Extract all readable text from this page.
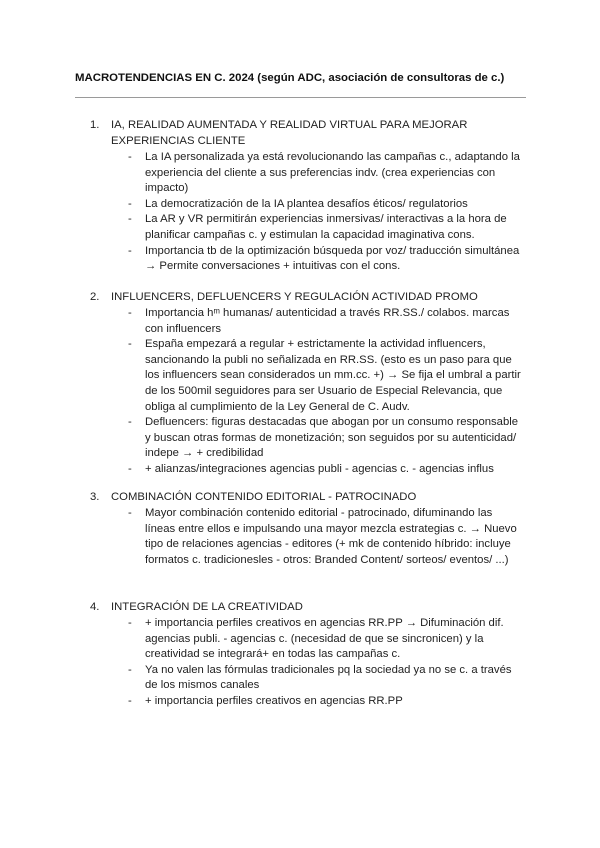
MACROTENDENCIAS EN C. 2024 (según ADC, asociación de consultoras de c.)
1. IA, REALIDAD AUMENTADA Y REALIDAD VIRTUAL PARA MEJORAR EXPERIENCIAS CLIENTE
- La IA personalizada ya está revolucionando las campañas c., adaptando la experiencia del cliente a sus preferencias indv. (crea experiencias con impacto)
- La democratización de la IA plantea desafíos éticos/ regulatorios
- La AR y VR permitirán experiencias inmersivas/ interactivas a la hora de planificar campañas c. y estimulan la capacidad imaginativa cons.
- Importancia tb de la optimización búsqueda por voz/ traducción simultánea → Permite conversaciones + intuitivas con el cons.
2. INFLUENCERS, DEFLUENCERS Y REGULACIÓN ACTIVIDAD PROMO
- Importancia hᵐ humanas/ autenticidad a través RR.SS./ colabos. marcas con influencers
- España empezará a regular + estrictamente la actividad influencers, sancionando la publi no señalizada en RR.SS. (esto es un paso para que los influencers sean considerados un mm.cc. +) → Se fija el umbral a partir de los 500mil seguidores para ser Usuario de Especial Relevancia, que obliga al cumplimiento de la Ley General de C. Audv.
- Defluencers: figuras destacadas que abogan por un consumo responsable y buscan otras formas de monetización; son seguidos por su autenticidad/ indepe → + credibilidad
- + alianzas/integraciones agencias publi - agencias c. - agencias influs
3. COMBINACIÓN CONTENIDO EDITORIAL - PATROCINADO
- Mayor combinación contenido editorial - patrocinado, difuminando las líneas entre ellos e impulsando una mayor mezcla estrategias c. → Nuevo tipo de relaciones agencias - editores (+ mk de contenido híbrido: incluye formatos c. tradicionesles - otros: Branded Content/ sorteos/ eventos/ ...)
4. INTEGRACIÓN DE LA CREATIVIDAD
- + importancia perfiles creativos en agencias RR.PP → Difuminación dif. agencias publi. - agencias c. (necesidad de que se sincronicen) y la creatividad se integrará+ en todas las campañas c.
- Ya no valen las fórmulas tradicionales pq la sociedad ya no se c. a través de los mismos canales
- + importancia perfiles creativos en agencias RR.PP
